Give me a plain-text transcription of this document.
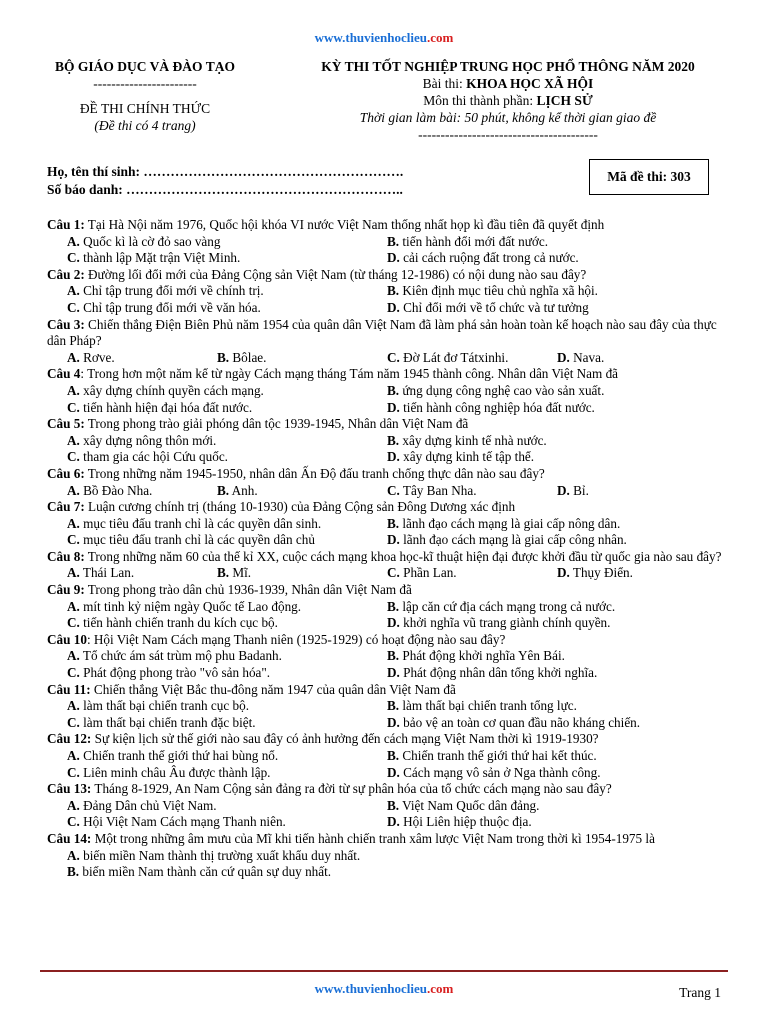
www.thuvienhoclieu.com
BỘ GIÁO DỤC VÀ ĐÀO TẠO
-----------------------
ĐỀ THI CHÍNH THỨC
(Đề thi có 4 trang)
KỲ THI TỐT NGHIỆP TRUNG HỌC PHỔ THÔNG NĂM 2020
Bài thi: KHOA HỌC XÃ HỘI
Môn thi thành phần: LỊCH SỬ
Thời gian làm bài: 50 phút, không kể thời gian giao đề
----------------------------------------
Họ, tên thí sinh: ………………………………………………….
Số báo danh: ……………………………………………………..
Mã đề thi: 303
Câu 1: Tại Hà Nội năm 1976, Quốc hội khóa VI nước Việt Nam thống nhất họp kì đầu tiên đã quyết định
A. Quốc kì là cờ đỏ sao vàng	B. tiến hành đổi mới đất nước.
C. thành lập Mặt trận Việt Minh.	D. cải cách ruộng đất trong cả nước.
Câu 2: Đường lối đổi mới của Đảng Cộng sản Việt Nam (từ tháng 12-1986) có nội dung nào sau đây?
A. Chỉ tập trung đổi mới về chính trị.	B. Kiên định mục tiêu chủ nghĩa xã hội.
C. Chỉ tập trung đổi mới về văn hóa.	D. Chỉ đổi mới về tổ chức và tư tưởng
Câu 3: Chiến thắng Điện Biên Phủ năm 1954 của quân dân Việt Nam đã làm phá sản hoàn toàn kế hoạch nào sau đây của thực dân Pháp?
A. Rơve.	B. Bôlae.	C. Đờ Lát đơ Tátxinhi.	D. Nava.
Câu 4: Trong hơn một năm kể từ ngày Cách mạng tháng Tám năm 1945 thành công. Nhân dân Việt Nam đã
A. xây dựng chính quyền cách mạng.	B. ứng dụng công nghệ cao vào sản xuất.
C. tiến hành hiện đại hóa đất nước.	D. tiến hành công nghiệp hóa đất nước.
Câu 5: Trong phong trào giải phóng dân tộc 1939-1945, Nhân dân Việt Nam đã
A. xây dựng nông thôn mới.	B. xây dựng kinh tế nhà nước.
C. tham gia các hội Cứu quốc.	D. xây dựng kinh tế tập thể.
Câu 6: Trong những năm 1945-1950, nhân dân Ấn Độ đấu tranh chống thực dân nào sau đây?
A. Bồ Đào Nha.	B. Anh.	C. Tây Ban Nha.	D. Bỉ.
Câu 7: Luận cương chính trị (tháng 10-1930) của Đảng Cộng sản Đông Dương xác định
A. mục tiêu đấu tranh chỉ là các quyền dân sinh.	B. lãnh đạo cách mạng là giai cấp nông dân.
C. mục tiêu đấu tranh chỉ là các quyền dân chủ	D. lãnh đạo cách mạng là giai cấp công nhân.
Câu 8: Trong những năm 60 của thế kỉ XX, cuộc cách mạng khoa học-kĩ thuật hiện đại được khởi đầu từ quốc gia nào sau đây?
A. Thái Lan.	B. Mĩ.	C. Phần Lan.	D. Thụy Điển.
Câu 9: Trong phong trào dân chủ 1936-1939, Nhân dân Việt Nam đã
A. mít tinh kỷ niệm ngày Quốc tế Lao động.	B. lập căn cứ địa cách mạng trong cả nước.
C. tiến hành chiến tranh du kích cục bộ.	D. khởi nghĩa vũ trang giành chính quyền.
Câu 10: Hội Việt Nam Cách mạng Thanh niên (1925-1929) có hoạt động nào sau đây?
A. Tổ chức ám sát trùm mộ phu Badanh.	B. Phát động khởi nghĩa Yên Bái.
C. Phát động phong trào "vô sản hóa".	D. Phát động nhân dân tổng khởi nghĩa.
Câu 11: Chiến thắng Việt Bắc thu-đông năm 1947 của quân dân Việt Nam đã
A. làm thất bại chiến tranh cục bộ.	B. làm thất bại chiến tranh tổng lực.
C. làm thất bại chiến tranh đặc biệt.	D. bảo vệ an toàn cơ quan đầu não kháng chiến.
Câu 12: Sự kiện lịch sử thế giới nào sau đây có ảnh hưởng đến cách mạng Việt Nam thời kì 1919-1930?
A. Chiến tranh thế giới thứ hai bùng nổ.	B. Chiến tranh thế giới thứ hai kết thúc.
C. Liên minh châu Âu được thành lập.	D. Cách mạng vô sản ở Nga thành công.
Câu 13: Tháng 8-1929, An Nam Cộng sản đảng ra đời từ sự phân hóa của tổ chức cách mạng nào sau đây?
A. Đảng Dân chủ Việt Nam.	B. Việt Nam Quốc dân đảng.
C. Hội Việt Nam Cách mạng Thanh niên.	D. Hội Liên hiệp thuộc địa.
Câu 14: Một trong những âm mưu của Mĩ khi tiến hành chiến tranh xâm lược Việt Nam trong thời kì 1954-1975 là
A. biến miền Nam thành thị trường xuất khẩu duy nhất.
B. biến miền Nam thành căn cứ quân sự duy nhất.
www.thuvienhoclieu.com	Trang 1
